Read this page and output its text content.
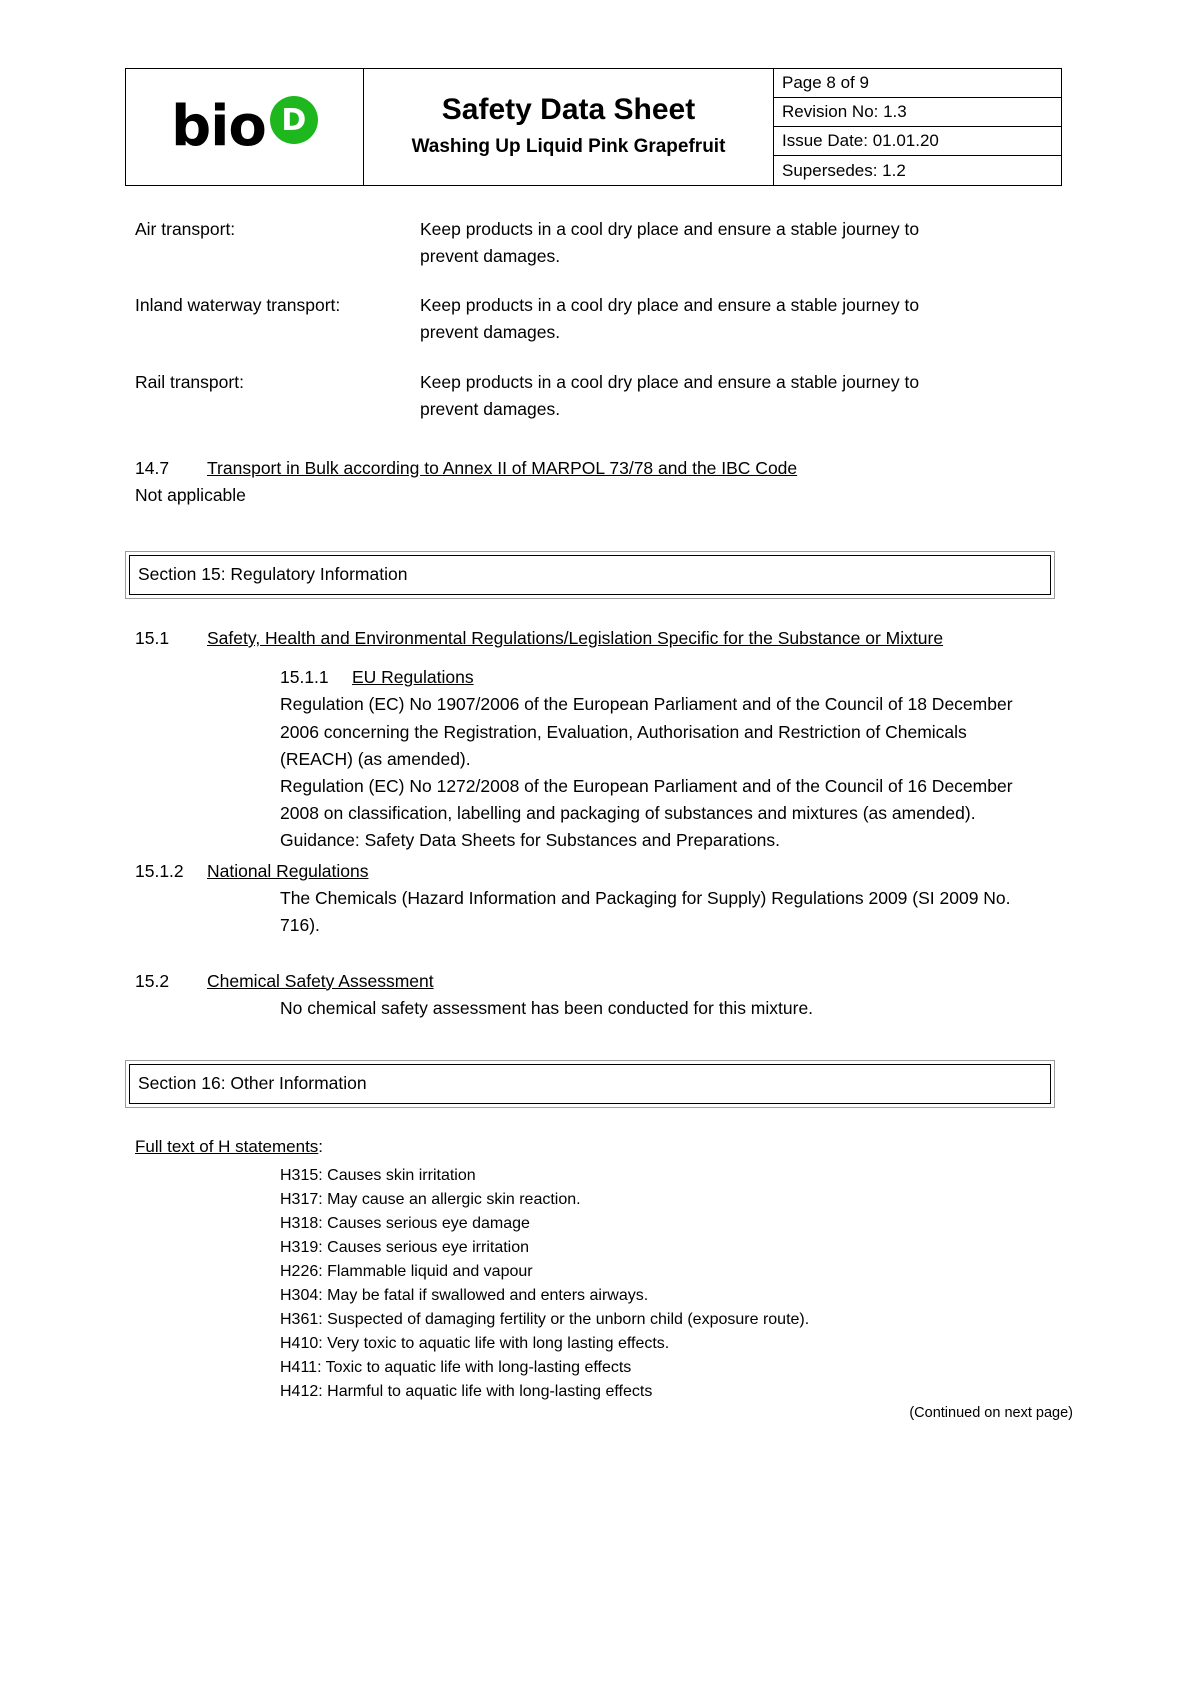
bio D	Safety Data Sheet
Washing Up Liquid Pink Grapefruit
Page 8 of 9
Revision No: 1.3
Issue Date: 01.01.20
Supersedes: 1.2
Air transport:	Keep products in a cool dry place and ensure a stable journey to prevent damages.
Inland waterway transport:	Keep products in a cool dry place and ensure a stable journey to prevent damages.
Rail transport:	Keep products in a cool dry place and ensure a stable journey to prevent damages.
14.7	Transport in Bulk according to Annex II of MARPOL 73/78 and the IBC Code
Not applicable
Section 15: Regulatory Information
15.1	Safety, Health and Environmental Regulations/Legislation Specific for the Substance or Mixture
15.1.1	EU Regulations
Regulation (EC) No 1907/2006 of the European Parliament and of the Council of 18 December 2006 concerning the Registration, Evaluation, Authorisation and Restriction of Chemicals (REACH) (as amended).
Regulation (EC) No 1272/2008 of the European Parliament and of the Council of 16 December 2008 on classification, labelling and packaging of substances and mixtures (as amended).
Guidance: Safety Data Sheets for Substances and Preparations.
15.1.2	National Regulations
The Chemicals (Hazard Information and Packaging for Supply) Regulations 2009 (SI 2009 No. 716).
15.2	Chemical Safety Assessment
No chemical safety assessment has been conducted for this mixture.
Section 16: Other Information
Full text of H statements:
H315: Causes skin irritation
H317: May cause an allergic skin reaction.
H318: Causes serious eye damage
H319: Causes serious eye irritation
H226: Flammable liquid and vapour
H304: May be fatal if swallowed and enters airways.
H361: Suspected of damaging fertility or the unborn child (exposure route).
H410: Very toxic to aquatic life with long lasting effects.
H411: Toxic to aquatic life with long-lasting effects
H412: Harmful to aquatic life with long-lasting effects
(Continued on next page)
